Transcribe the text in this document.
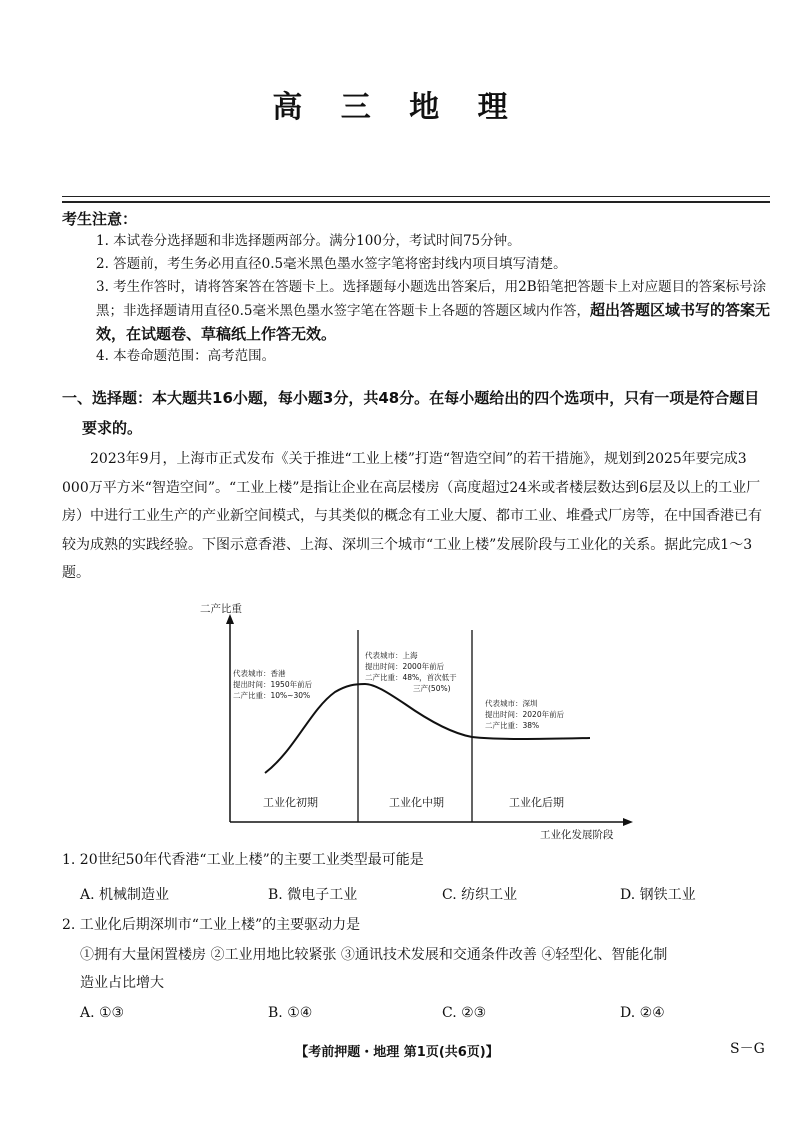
高 三 地 理
考生注意：
1. 本试卷分选择题和非选择题两部分。满分100分，考试时间75分钟。
2. 答题前，考生务必用直径0.5毫米黑色墨水签字笔将密封线内项目填写清楚。
3. 考生作答时，请将答案答在答题卡上。选择题每小题选出答案后，用2B铅笔把答题卡上对应题目的答案标号涂黑；非选择题请用直径0.5毫米黑色墨水签字笔在答题卡上各题的答题区域内作答，超出答题区域书写的答案无效，在试题卷、草稿纸上作答无效。
4. 本卷命题范围：高考范围。
一、选择题：本大题共16小题，每小题3分，共48分。在每小题给出的四个选项中，只有一项是符合题目
要求的。
2023年9月，上海市正式发布《关于推进“工业上楼”打造“智造空间”的若干措施》，规划到2025年要完成3 000万平方米“智造空间”。“工业上楼”是指让企业在高层楼房（高度超过24米或者楼层数达到6层及以上的工业厂房）中进行工业生产的产业新空间模式，与其类似的概念有工业大厦、都市工业、堆叠式厂房等，在中国香港已有较为成熟的实践经验。下图示意香港、上海、深圳三个城市“工业上楼”发展阶段与工业化的关系。据此完成1～3题。
二产比重
工业化发展阶段
工业化初期	工业化中期	工业化后期
代表城市：香港
提出时间：1950年前后
二产比重：10%~30%
代表城市：上海
提出时间：2000年前后
二产比重：48%，首次低于
三产(50%)
代表城市：深圳
提出时间：2020年前后
二产比重：38%
1. 20世纪50年代香港“工业上楼”的主要工业类型最可能是
A. 机械制造业	B. 微电子工业	C. 纺织工业	D. 钢铁工业
2. 工业化后期深圳市“工业上楼”的主要驱动力是
①拥有大量闲置楼房 ②工业用地比较紧张 ③通讯技术发展和交通条件改善 ④轻型化、智能化制
造业占比增大
A. ①③	B. ①④	C. ②③	D. ②④
【考前押题・地理 第1页(共6页)】	S－G
